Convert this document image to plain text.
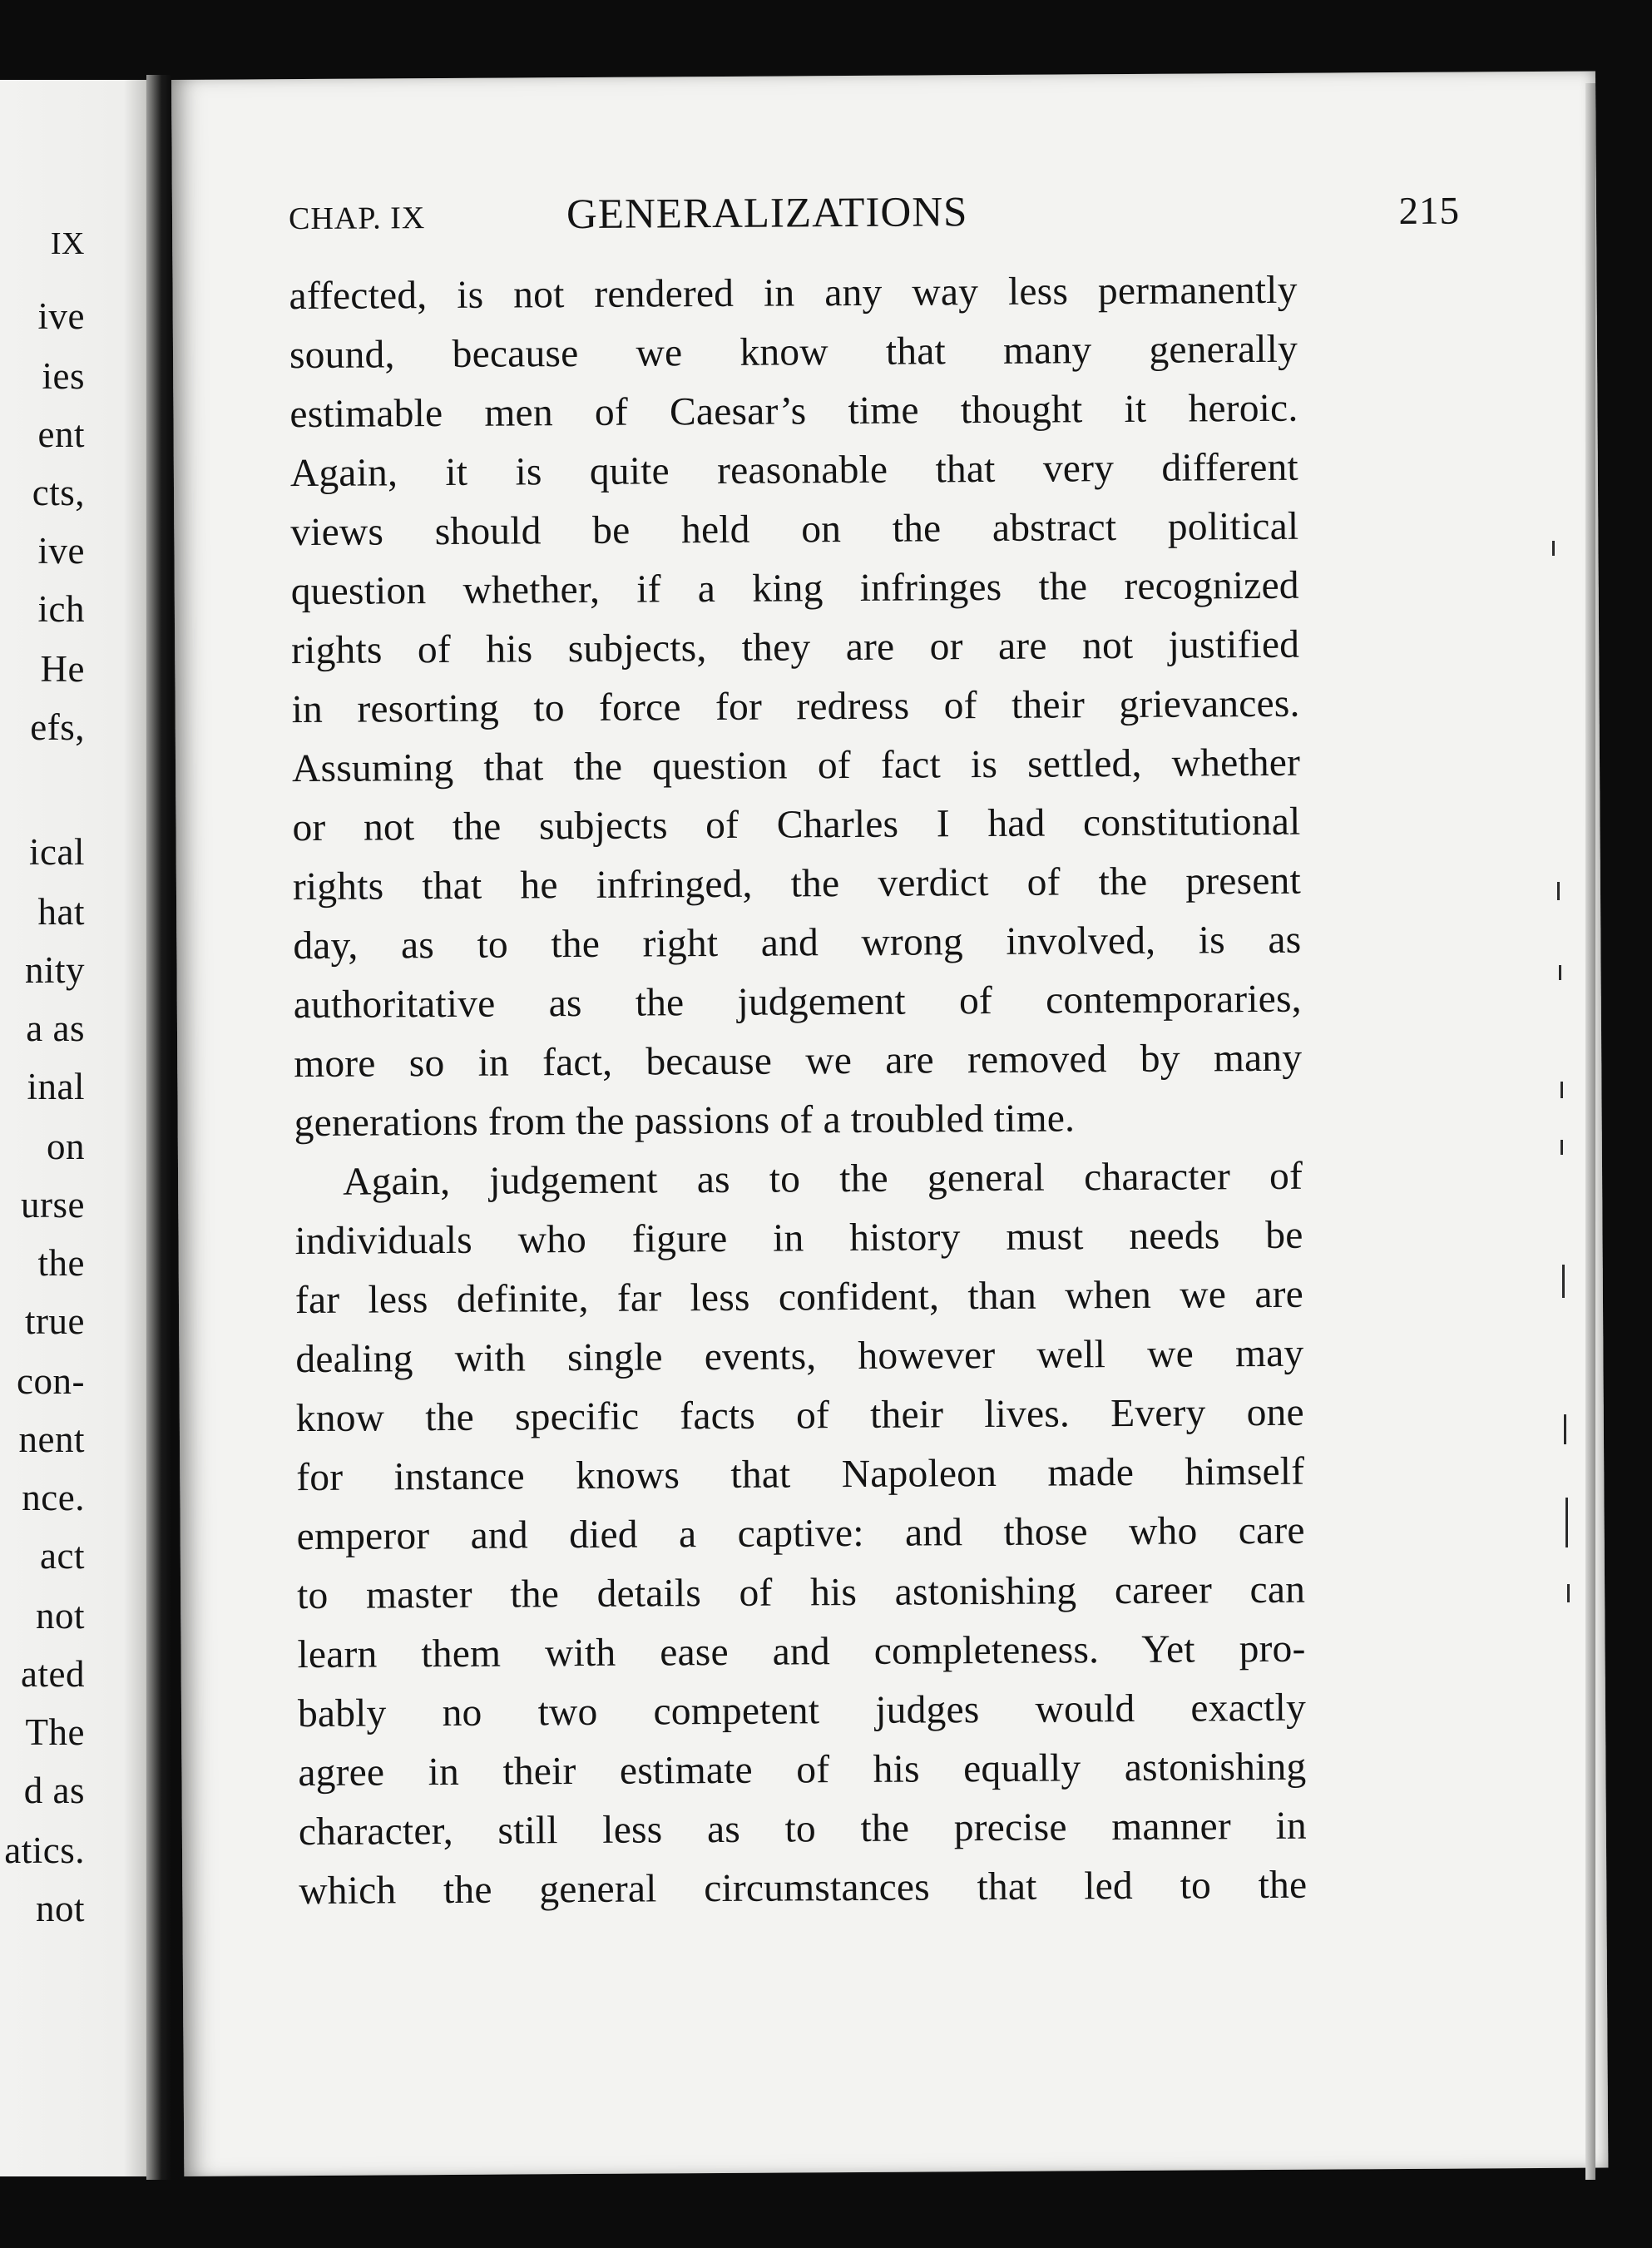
IX
ive
ies
ent
cts,
ive
ich
He
efs,
ical
hat
nity
a as
inal
on
urse
the
true
con-
nent
nce.
act
not
ated
The
d as
atics.
not
CHAP. IX	GENERALIZATIONS	215
affected, is not rendered in any way less permanently
sound, because we know that many generally
estimable men of Caesar’s time thought it heroic.
Again, it is quite reasonable that very different
views should be held on the abstract political
question whether, if a king infringes the recognized
rights of his subjects, they are or are not justified
in resorting to force for redress of their grievances.
Assuming that the question of fact is settled, whether
or not the subjects of Charles I had constitutional
rights that he infringed, the verdict of the present
day, as to the right and wrong involved, is as
authoritative as the judgement of contemporaries,
more so in fact, because we are removed by many
generations from the passions of a troubled time.
Again, judgement as to the general character of
individuals who figure in history must needs be
far less definite, far less confident, than when we are
dealing with single events, however well we may
know the specific facts of their lives. Every one
for instance knows that Napoleon made himself
emperor and died a captive: and those who care
to master the details of his astonishing career can
learn them with ease and completeness. Yet pro-
bably no two competent judges would exactly
agree in their estimate of his equally astonishing
character, still less as to the precise manner in
which the general circumstances that led to the
